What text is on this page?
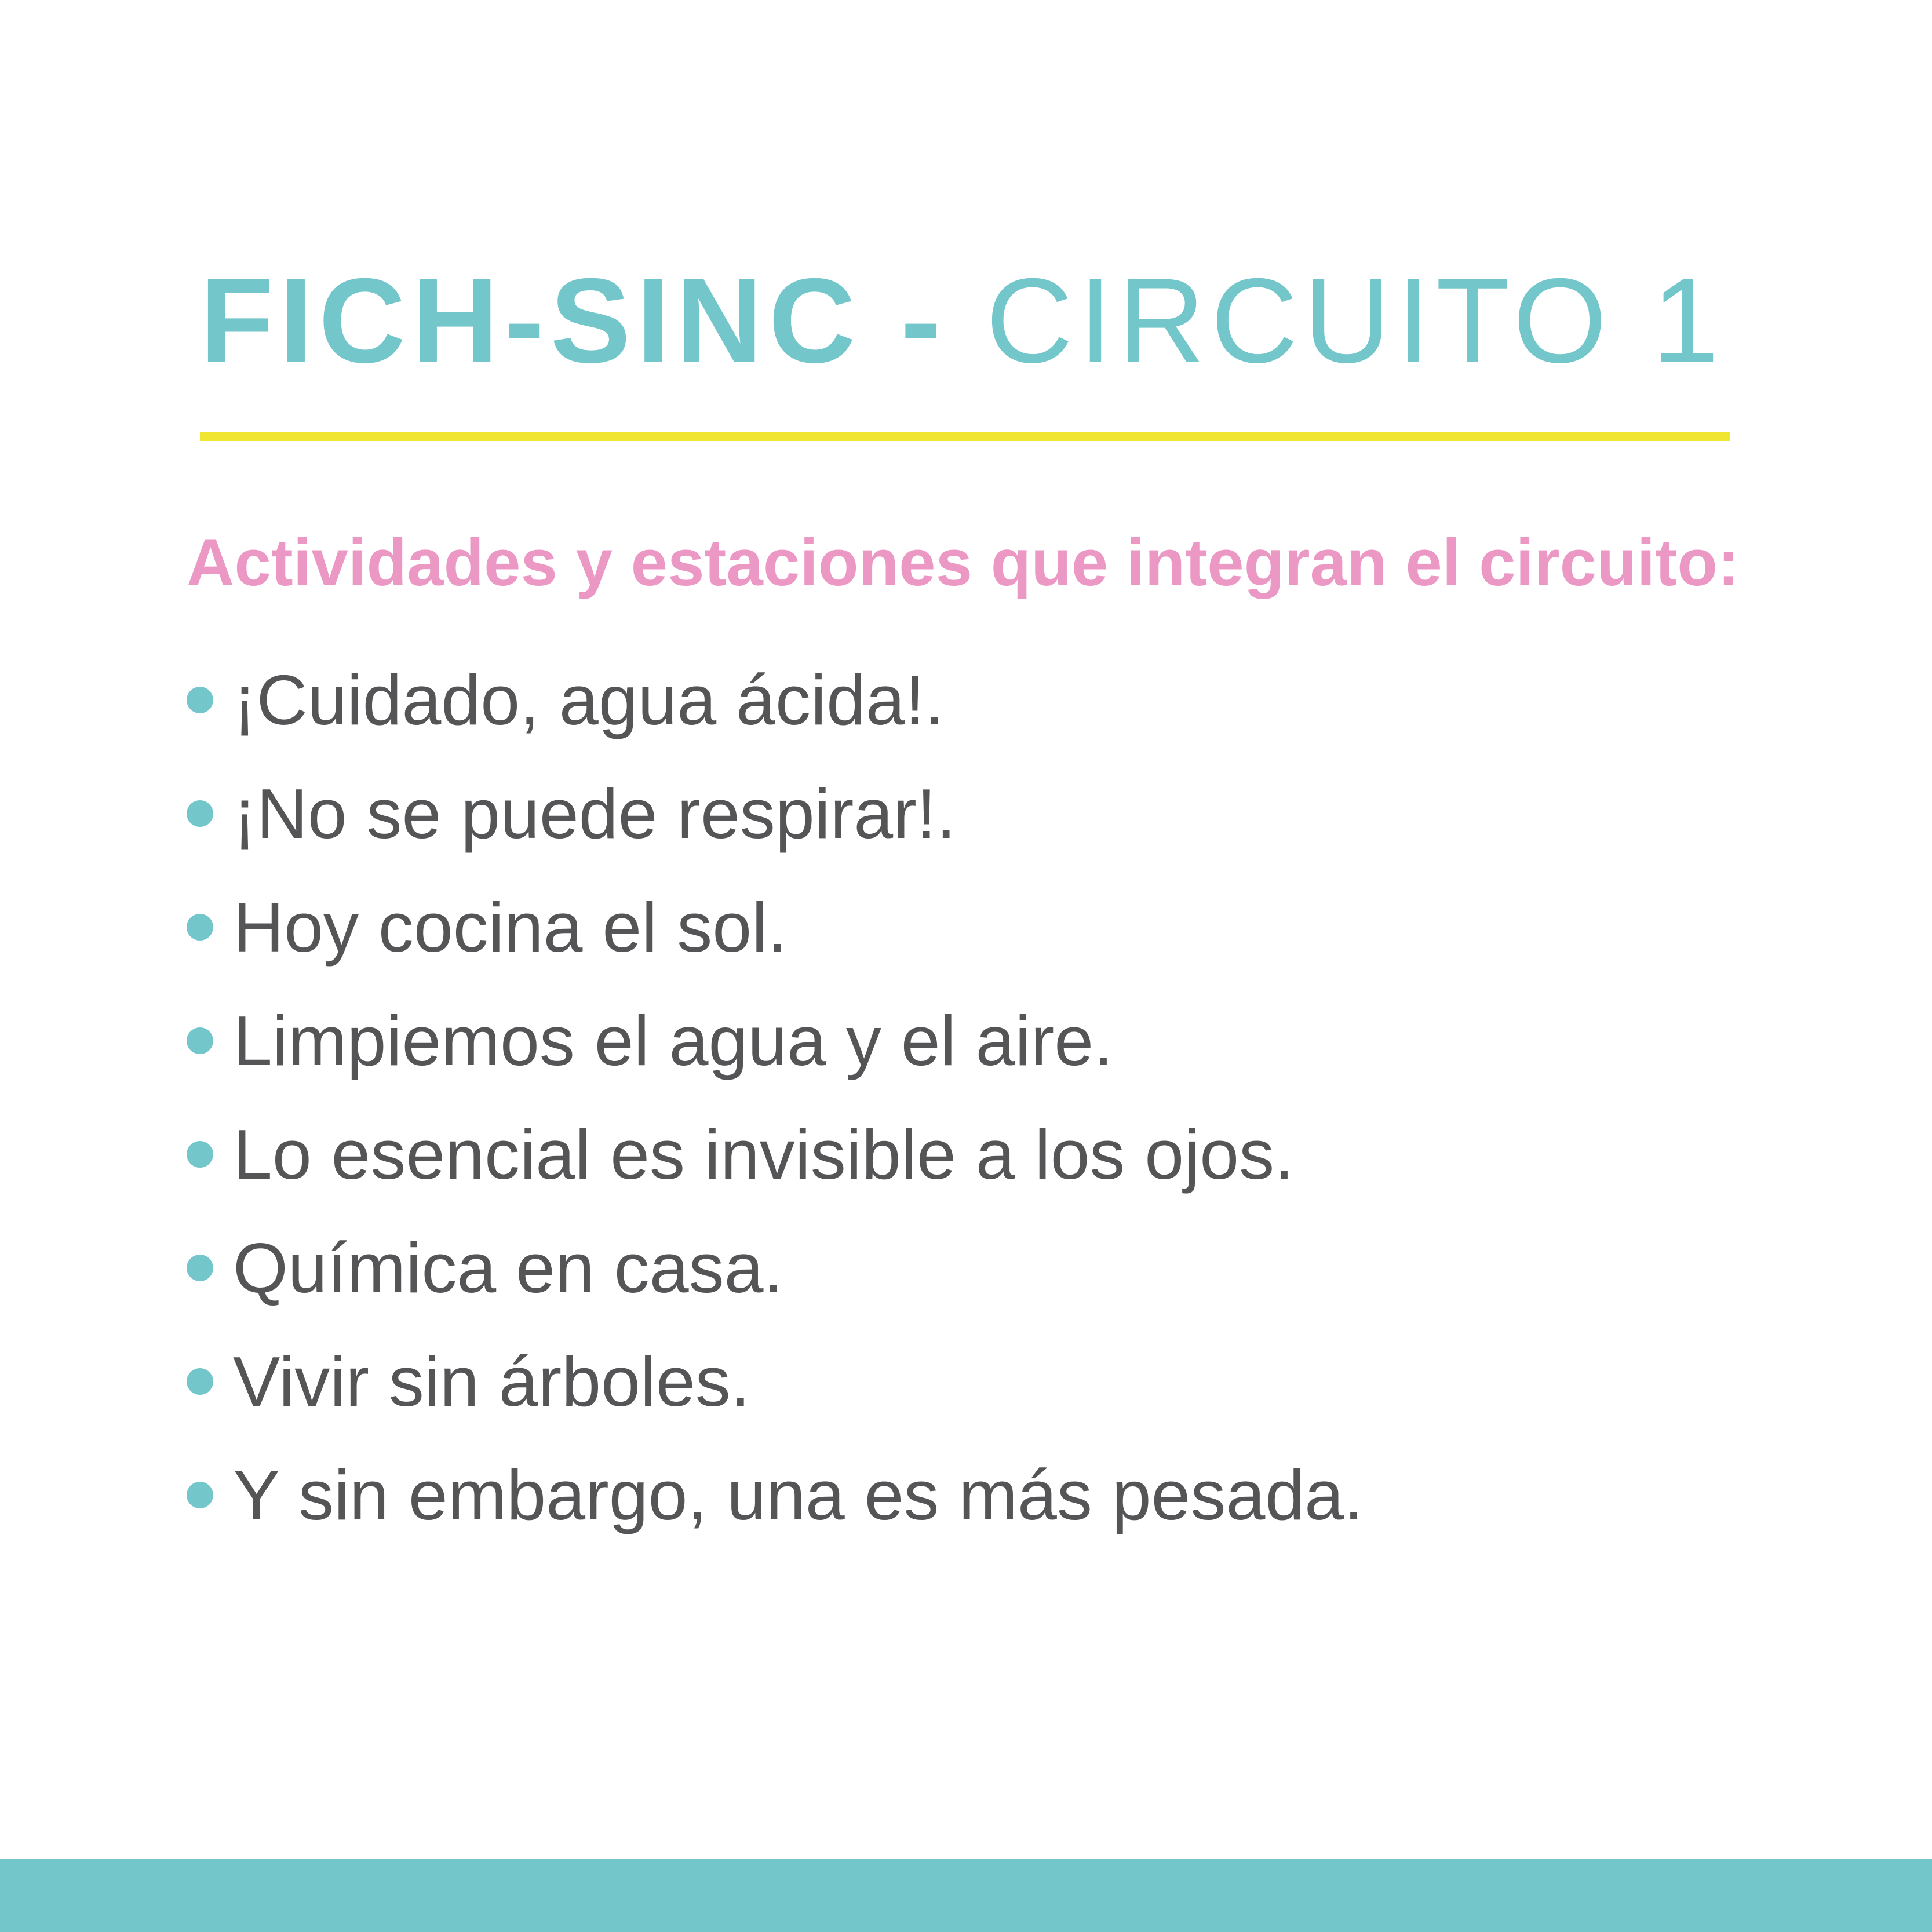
FICH-SINC - CIRCUITO 1
Actividades y estaciones que integran el circuito:
¡Cuidado, agua ácida!.
¡No se puede respirar!.
Hoy cocina el sol.
Limpiemos el agua y el aire.
Lo esencial es invisible a los ojos.
Química en casa.
Vivir sin árboles.
Y sin embargo, una es más pesada.
